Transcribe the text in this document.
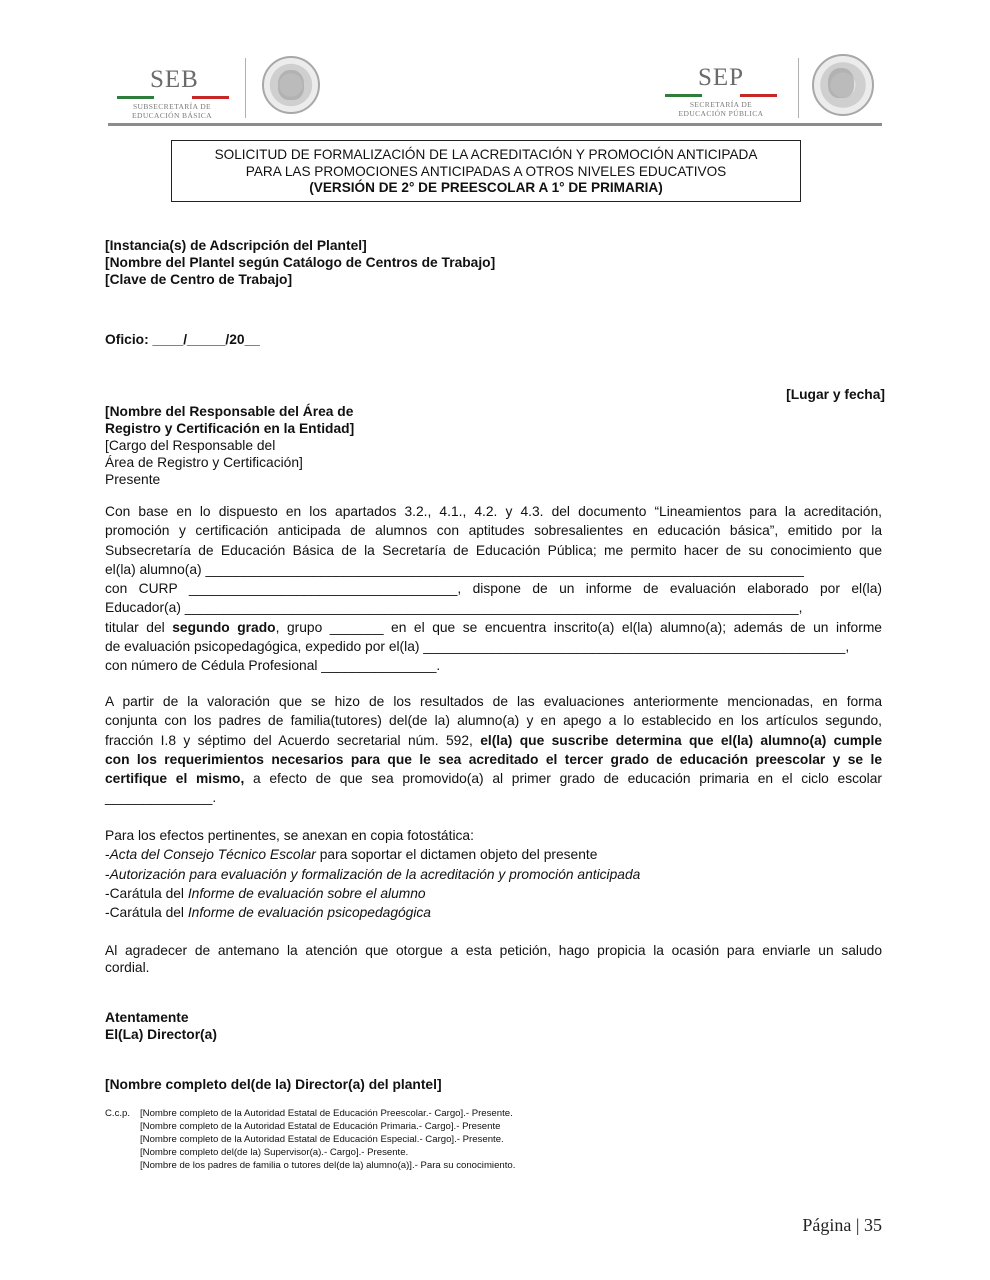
SEB
SUBSECRETARÍA DE
EDUCACIÓN BÁSICA
SEP
SECRETARÍA DE
EDUCACIÓN PÚBLICA
SOLICITUD DE FORMALIZACIÓN DE LA ACREDITACIÓN Y PROMOCIÓN ANTICIPADA
PARA LAS PROMOCIONES ANTICIPADAS A OTROS NIVELES EDUCATIVOS
(VERSIÓN DE 2° DE PREESCOLAR A 1° DE PRIMARIA)
[Instancia(s) de Adscripción del Plantel]
[Nombre del Plantel según Catálogo de Centros de Trabajo]
[Clave de Centro de Trabajo]
Oficio: ____/_____/20__
[Lugar y fecha]
[Nombre del Responsable del Área de
Registro y Certificación en la Entidad]
[Cargo del Responsable del
Área de Registro y Certificación]
Presente
Con base en lo dispuesto en los apartados 3.2., 4.1., 4.2. y 4.3. del documento “Lineamientos para la acreditación,
promoción y certificación anticipada de alumnos con aptitudes sobresalientes en educación básica”, emitido por la
Subsecretaría de Educación Básica de la Secretaría de Educación Pública; me permito hacer de su conocimiento que
el(la) alumno(a) ______________________________________________________________________________
con CURP ___________________________________, dispone de un informe de evaluación elaborado por el(la)
Educador(a) ________________________________________________________________________________,
titular del segundo grado, grupo _______ en el que se encuentra inscrito(a) el(la) alumno(a); además de un informe
de evaluación psicopedagógica, expedido por el(la) _______________________________________________________,
con número de Cédula Profesional _______________.
A partir de la valoración que se hizo de los resultados de las evaluaciones anteriormente mencionadas, en forma
conjunta con los padres de familia(tutores) del(de la) alumno(a) y en apego a lo establecido en los artículos segundo,
fracción I.8 y séptimo del Acuerdo secretarial núm. 592, el(la) que suscribe determina que el(la) alumno(a) cumple
con los requerimientos necesarios para que le sea acreditado el tercer grado de educación preescolar y se le
certifique el mismo, a efecto de que sea promovido(a) al primer grado de educación primaria en el ciclo escolar
______________.
Para los efectos pertinentes, se anexan en copia fotostática:
-Acta del Consejo Técnico Escolar para soportar el dictamen objeto del presente
-Autorización para evaluación y formalización de la acreditación y promoción anticipada
-Carátula del Informe de evaluación sobre el alumno
-Carátula del Informe de evaluación psicopedagógica
Al agradecer de antemano la atención que otorgue a esta petición, hago propicia la ocasión para enviarle un saludo
cordial.
Atentamente
El(La) Director(a)
[Nombre completo del(de la) Director(a) del plantel]
C.c.p. [Nombre completo de la Autoridad Estatal de Educación Preescolar.- Cargo].- Presente.
[Nombre completo de la Autoridad Estatal de Educación Primaria.- Cargo].- Presente
[Nombre completo de la Autoridad Estatal de Educación Especial.- Cargo].- Presente.
[Nombre completo del(de la) Supervisor(a).- Cargo].- Presente.
[Nombre de los padres de familia o tutores del(de la) alumno(a)].- Para su conocimiento.
Página | 35
